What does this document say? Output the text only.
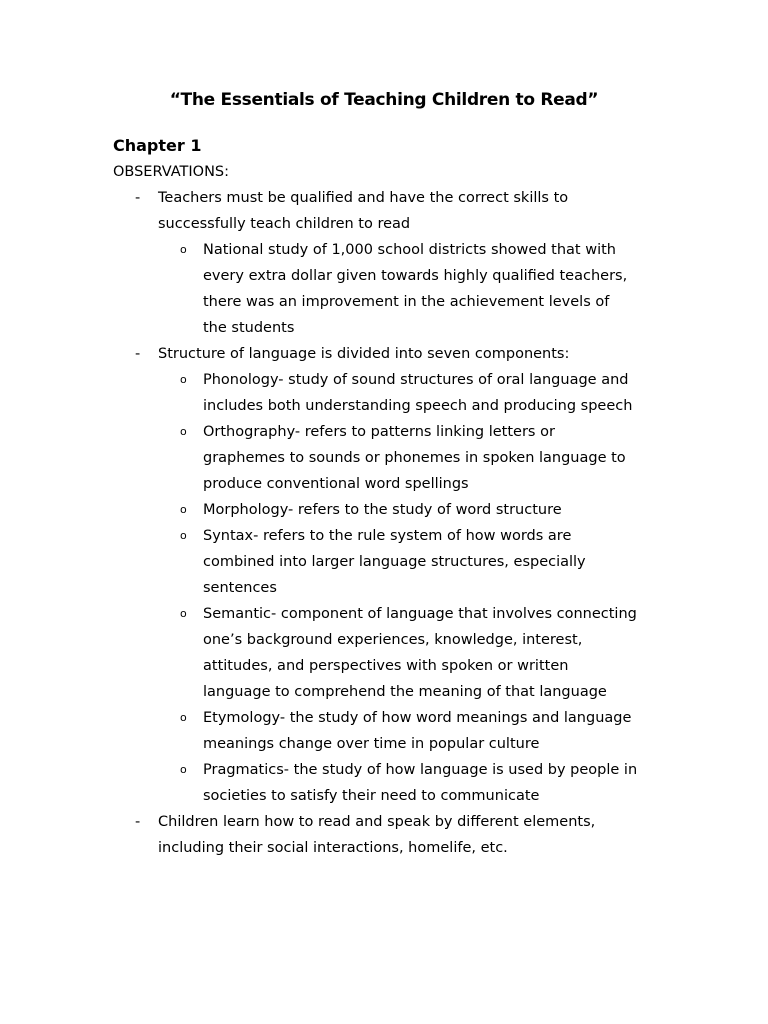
“The Essentials of Teaching Children to Read”
Chapter 1

OBSERVATIONS:

- Teachers must be qualified and have the correct skills to
successfully teach children to read
o National study of 1,000 school districts showed that with
every extra dollar given towards highly qualified teachers,
there was an improvement in the achievement levels of
the students
- Structure of language is divided into seven components:
o Phonology- study of sound structures of oral language and
includes both understanding speech and producing speech
o Orthography- refers to patterns linking letters or
graphemes to sounds or phonemes in spoken language to
produce conventional word spellings
o Morphology- refers to the study of word structure
o Syntax- refers to the rule system of how words are
combined into larger language structures, especially
sentences
o Semantic- component of language that involves connecting
one’s background experiences, knowledge, interest,
attitudes, and perspectives with spoken or written
language to comprehend the meaning of that language
o Etymology- the study of how word meanings and language
meanings change over time in popular culture
o Pragmatics- the study of how language is used by people in
societies to satisfy their need to communicate
- Children learn how to read and speak by different elements,
including their social interactions, homelife, etc.
